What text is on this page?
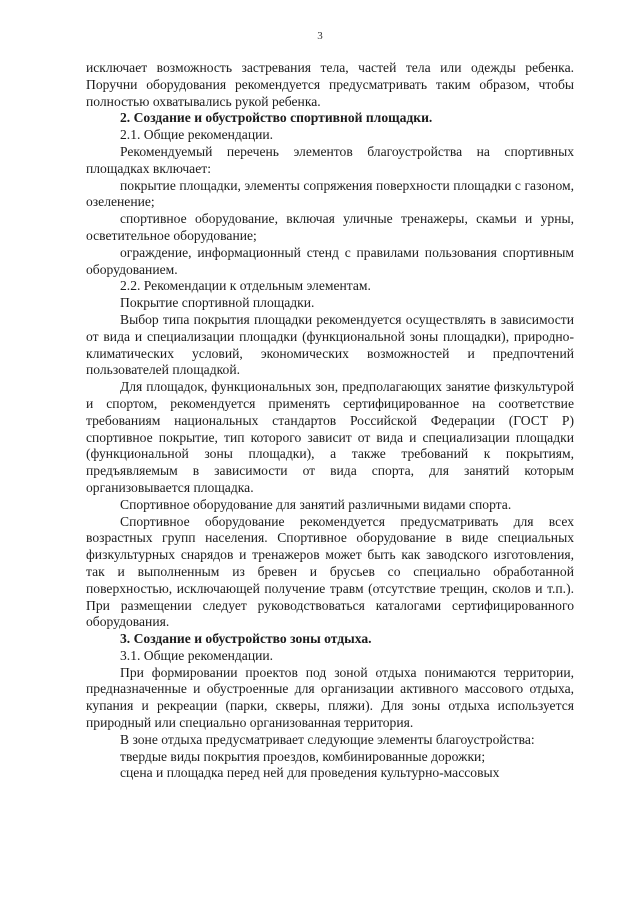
3

исключает возможность застревания тела, частей тела или одежды ребенка. Поручни оборудования рекомендуется предусматривать таким образом, чтобы полностью охватывались рукой ребенка.

2. Создание и обустройство спортивной площадки.

2.1. Общие рекомендации.

Рекомендуемый перечень элементов благоустройства на спортивных площадках включает:

покрытие площадки, элементы сопряжения поверхности площадки с газоном, озеленение;

спортивное оборудование, включая уличные тренажеры, скамьи и урны, осветительное оборудование;

ограждение, информационный стенд с правилами пользования спортивным оборудованием.

2.2. Рекомендации к отдельным элементам.

Покрытие спортивной площадки.

Выбор типа покрытия площадки рекомендуется осуществлять в зависимости от вида и специализации площадки (функциональной зоны площадки), природно-климатических условий, экономических возможностей и предпочтений пользователей площадкой.

Для площадок, функциональных зон, предполагающих занятие физкультурой и спортом, рекомендуется применять сертифицированное на соответствие требованиям национальных стандартов Российской Федерации (ГОСТ Р) спортивное покрытие, тип которого зависит от вида и специализации площадки (функциональной зоны площадки), а также требований к покрытиям, предъявляемым в зависимости от вида спорта, для занятий которым организовывается площадка.

Спортивное оборудование для занятий различными видами спорта.

Спортивное оборудование рекомендуется предусматривать для всех возрастных групп населения. Спортивное оборудование в виде специальных физкультурных снарядов и тренажеров может быть как заводского изготовления, так и выполненным из бревен и брусьев со специально обработанной поверхностью, исключающей получение травм (отсутствие трещин, сколов и т.п.). При размещении следует руководствоваться каталогами сертифицированного оборудования.

3. Создание и обустройство зоны отдыха.

3.1. Общие рекомендации.

При формировании проектов под зоной отдыха понимаются территории, предназначенные и обустроенные для организации активного массового отдыха, купания и рекреации (парки, скверы, пляжи). Для зоны отдыха используется природный или специально организованная территория.

В зоне отдыха предусматривает следующие элементы благоустройства:

твердые виды покрытия проездов, комбинированные дорожки;

сцена и площадка перед ней для проведения культурно-массовых
